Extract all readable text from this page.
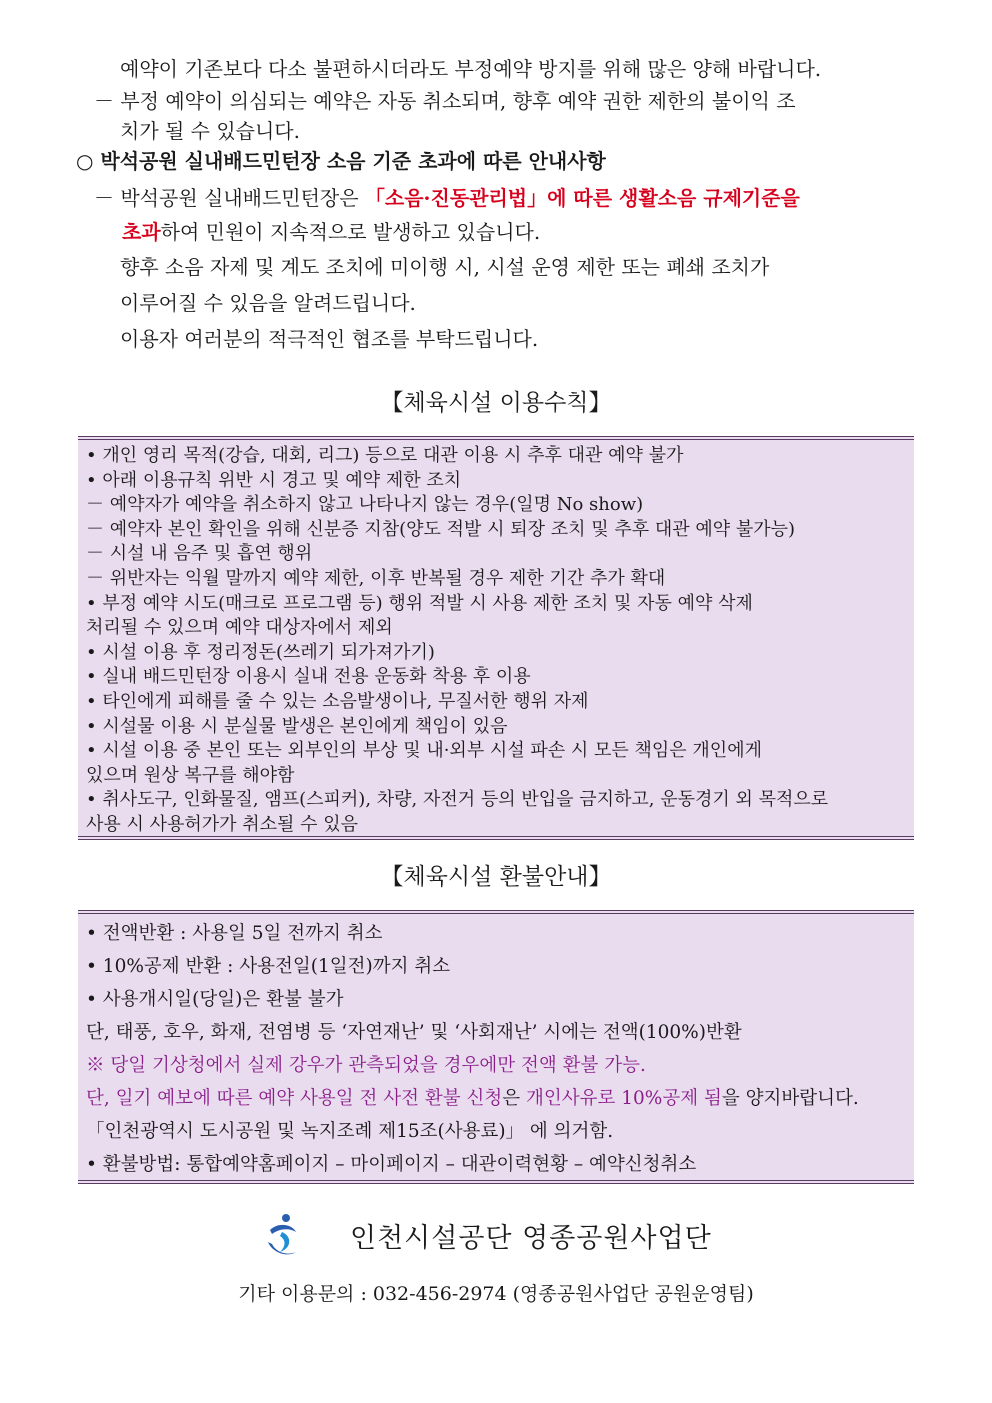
예약이 기존보다 다소 불편하시더라도 부정예약 방지를 위해 많은 양해 바랍니다.
－ 부정 예약이 의심되는 예약은 자동 취소되며, 향후 예약 권한 제한의 불이익 조
치가 될 수 있습니다.
○ 박석공원 실내배드민턴장 소음 기준 초과에 따른 안내사항
－ 박석공원 실내배드민턴장은 「소음·진동관리법」에 따른 생활소음 규제기준을
초과하여 민원이 지속적으로 발생하고 있습니다.
향후 소음 자제 및 계도 조치에 미이행 시, 시설 운영 제한 또는 폐쇄 조치가
이루어질 수 있음을 알려드립니다.
이용자 여러분의 적극적인 협조를 부탁드립니다.
【체육시설 이용수칙】
• 개인 영리 목적(강습, 대회, 리그) 등으로 대관 이용 시 추후 대관 예약 불가
• 아래 이용규칙 위반 시 경고 및 예약 제한 조치
－ 예약자가 예약을 취소하지 않고 나타나지 않는 경우(일명 No show)
－ 예약자 본인 확인을 위해 신분증 지참(양도 적발 시 퇴장 조치 및 추후 대관 예약 불가능)
－ 시설 내 음주 및 흡연 행위
－ 위반자는 익월 말까지 예약 제한, 이후 반복될 경우 제한 기간 추가 확대
• 부정 예약 시도(매크로 프로그램 등) 행위 적발 시 사용 제한 조치 및 자동 예약 삭제
처리될 수 있으며 예약 대상자에서 제외
• 시설 이용 후 정리정돈(쓰레기 되가져가기)
• 실내 배드민턴장 이용시 실내 전용 운동화 착용 후 이용
• 타인에게 피해를 줄 수 있는 소음발생이나, 무질서한 행위 자제
• 시설물 이용 시 분실물 발생은 본인에게 책임이 있음
• 시설 이용 중 본인 또는 외부인의 부상 및 내·외부 시설 파손 시 모든 책임은 개인에게
있으며 원상 복구를 해야함
• 취사도구, 인화물질, 앰프(스피커), 차량, 자전거 등의 반입을 금지하고, 운동경기 외 목적으로
사용 시 사용허가가 취소될 수 있음
【체육시설 환불안내】
• 전액반환 : 사용일 5일 전까지 취소
• 10%공제 반환 : 사용전일(1일전)까지 취소
• 사용개시일(당일)은 환불 불가
단, 태풍, 호우, 화재, 전염병 등 ‘자연재난’ 및 ‘사회재난’ 시에는 전액(100%)반환
※ 당일 기상청에서 실제 강우가 관측되었을 경우에만 전액 환불 가능.
단, 일기 예보에 따른 예약 사용일 전 사전 환불 신청은 개인사유로 10%공제 됨을 양지바랍니다.
「인천광역시 도시공원 및 녹지조례 제15조(사용료)」 에 의거함.
• 환불방법: 통합예약홈페이지 – 마이페이지 – 대관이력현황 – 예약신청취소
인천시설공단 영종공원사업단
기타 이용문의 : 032-456-2974 (영종공원사업단 공원운영팀)
